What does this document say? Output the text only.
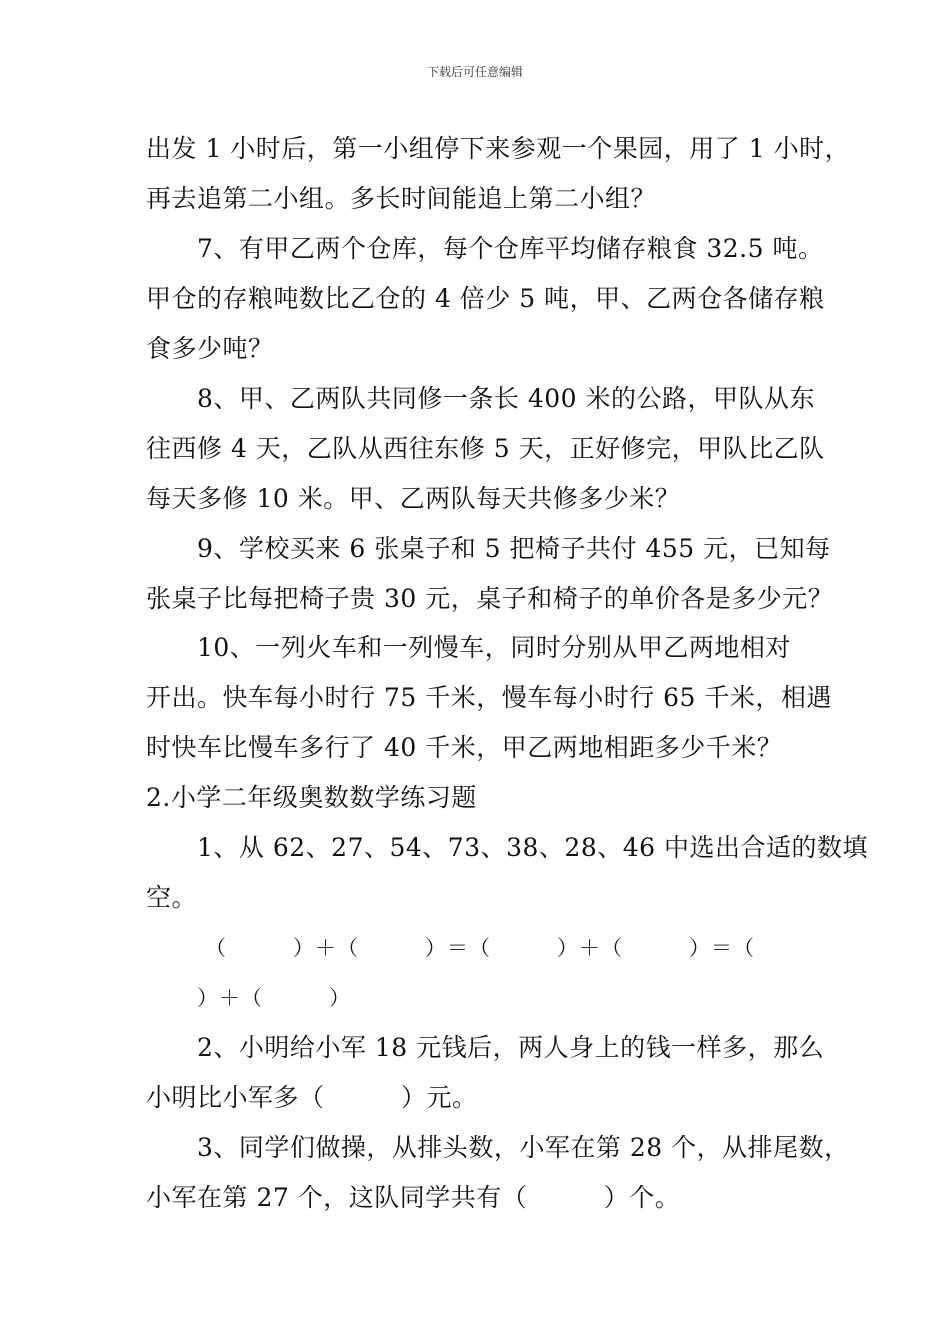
下载后可任意编辑
出发 1 小时后，第一小组停下来参观一个果园，用了 1 小时，
再去追第二小组。多长时间能追上第二小组？
7、有甲乙两个仓库，每个仓库平均储存粮食 32.5 吨。
甲仓的存粮吨数比乙仓的 4 倍少 5 吨，甲、乙两仓各储存粮
食多少吨？
8、甲、乙两队共同修一条长 400 米的公路，甲队从东
往西修 4 天，乙队从西往东修 5 天，正好修完，甲队比乙队
每天多修 10 米。甲、乙两队每天共修多少米？
9、学校买来 6 张桌子和 5 把椅子共付 455 元，已知每
张桌子比每把椅子贵 30 元，桌子和椅子的单价各是多少元？
10、一列火车和一列慢车，同时分别从甲乙两地相对
开出。快车每小时行 75 千米，慢车每小时行 65 千米，相遇
时快车比慢车多行了 40 千米，甲乙两地相距多少千米？
2.小学二年级奥数数学练习题
1、从 62、27、54、73、38、28、46 中选出合适的数填
空。
（　　　）＋（　　　）＝（　　　）＋（　　　）＝（
）＋（　　　）
2、小明给小军 18 元钱后，两人身上的钱一样多，那么
小明比小军多（　　　）元。
3、同学们做操，从排头数，小军在第 28 个，从排尾数，
小军在第 27 个，这队同学共有（　　　）个。
